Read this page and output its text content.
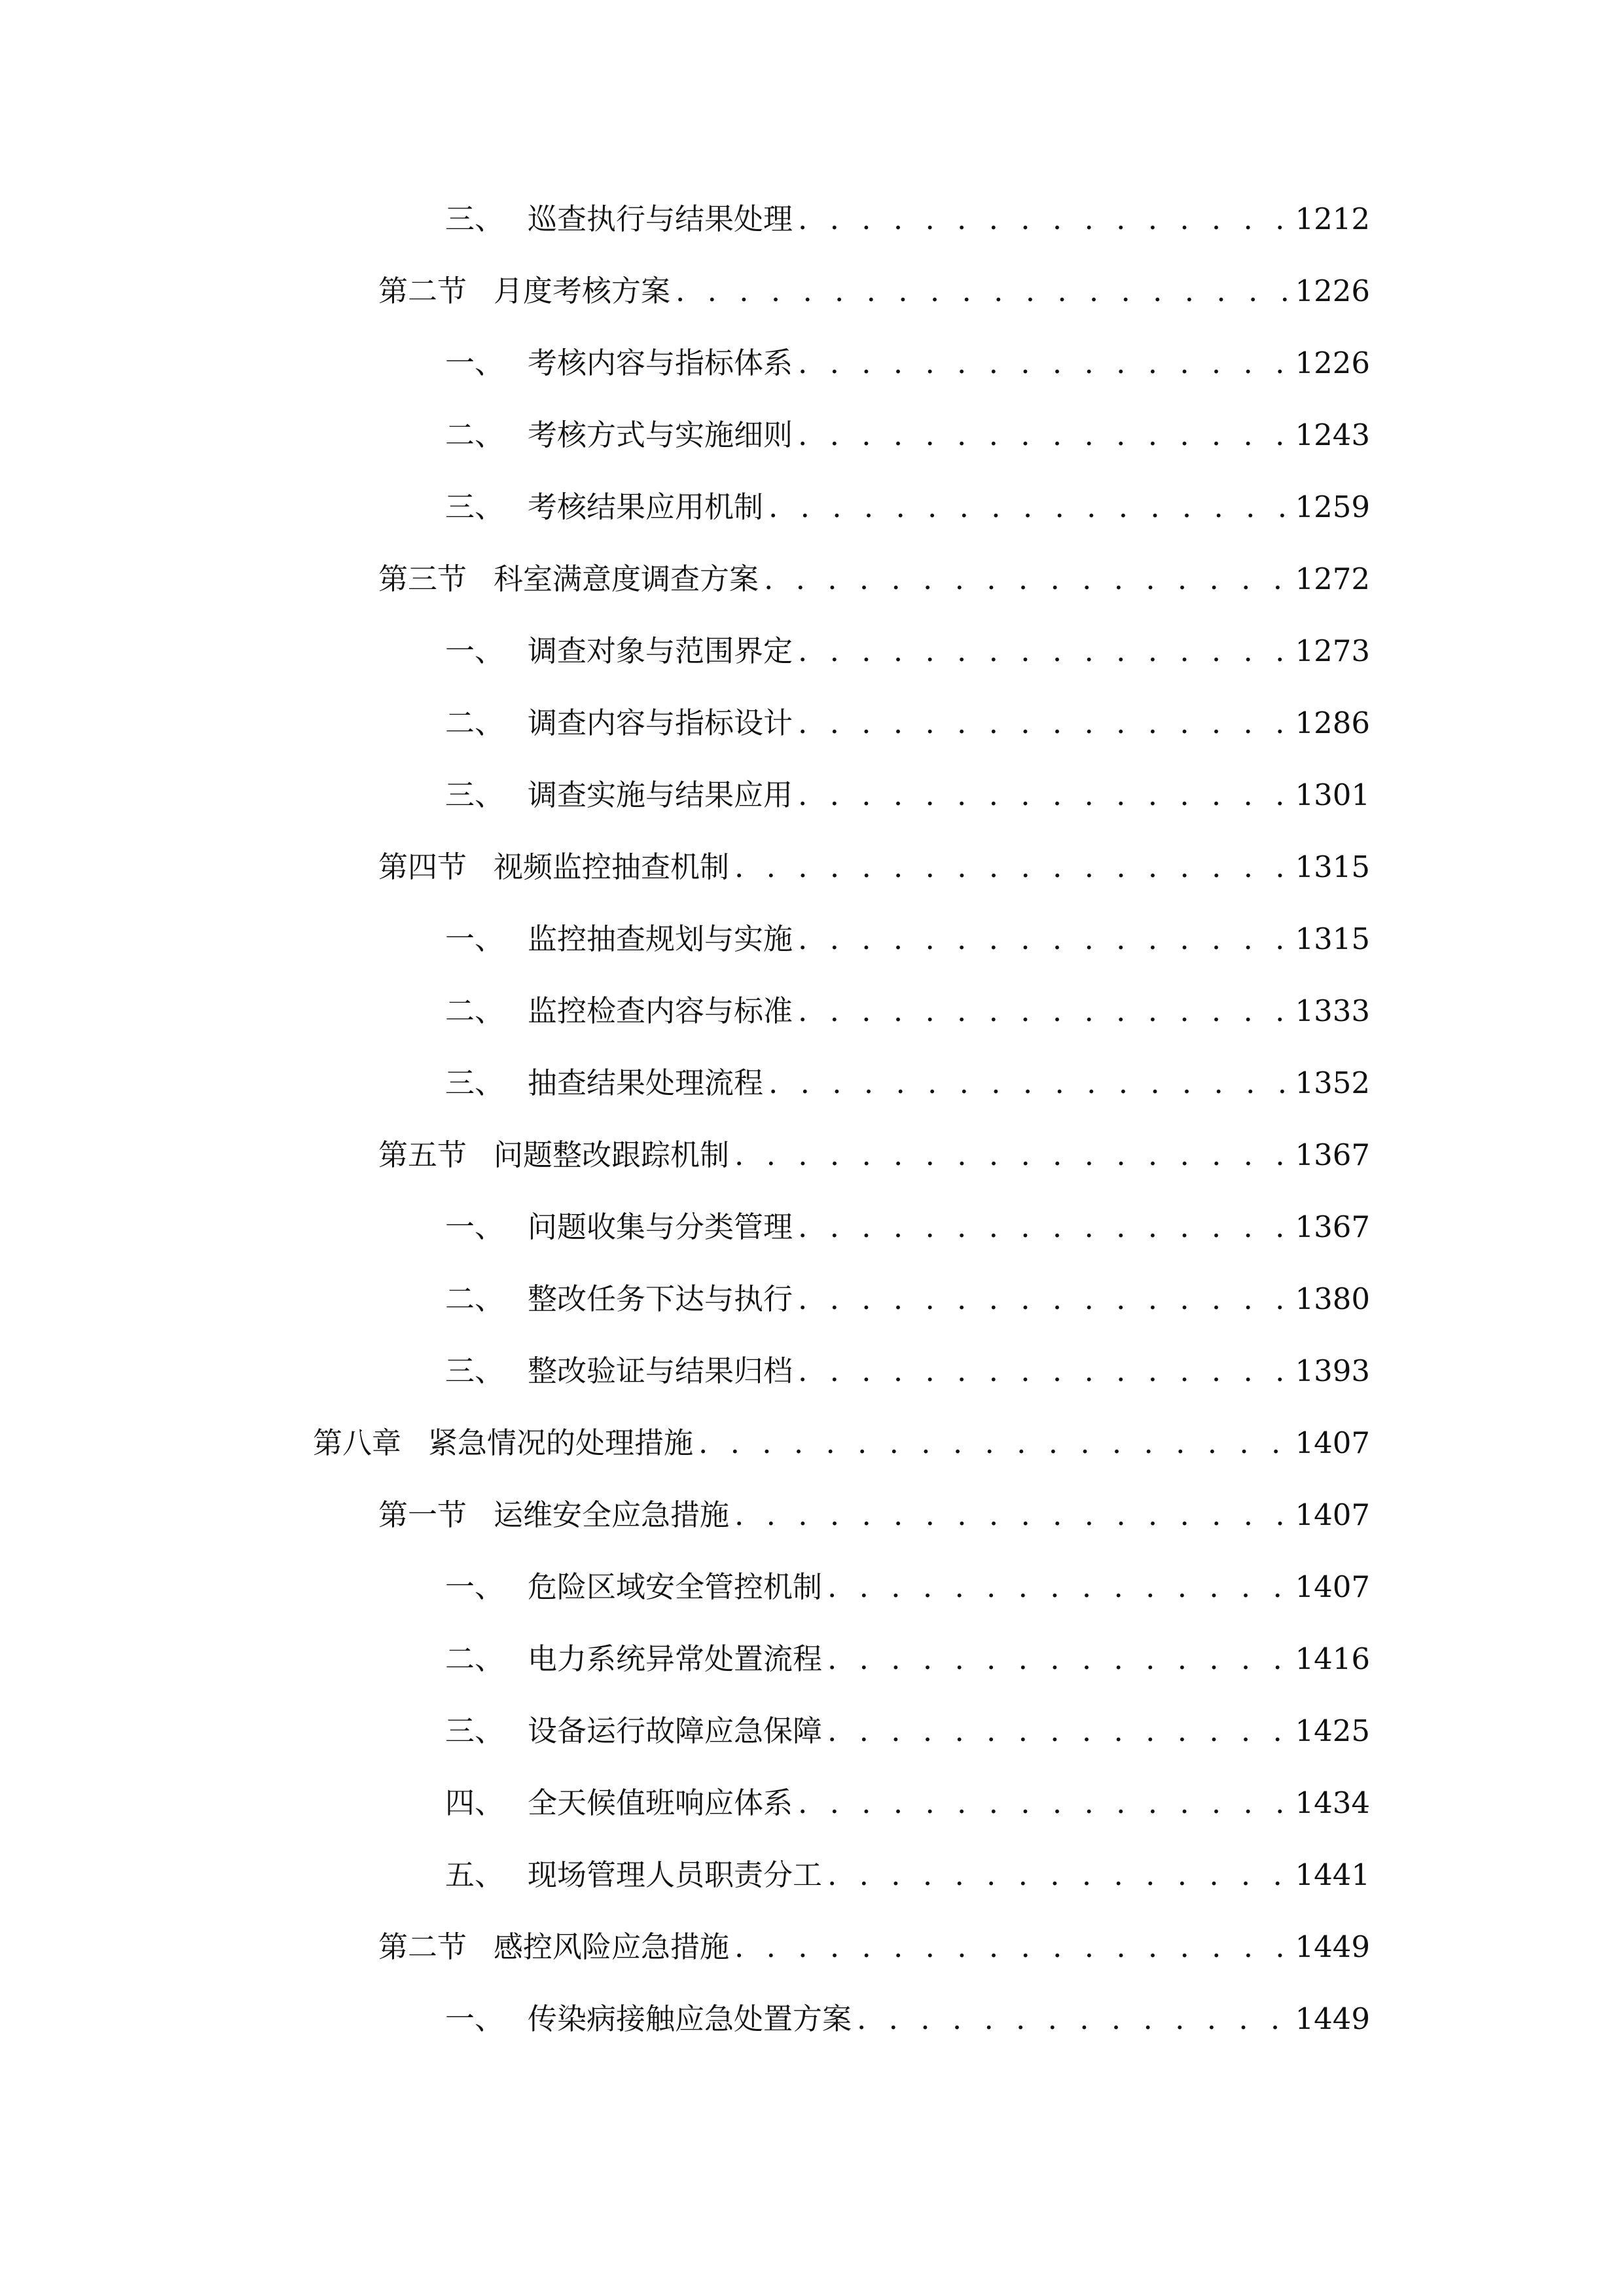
三、 巡查执行与结果处理 . . .	1212
第二节 月度考核方案 . . .	1226
一、 考核内容与指标体系 . . .	1226
二、 考核方式与实施细则 . . .	1243
三、 考核结果应用机制 . . .	1259
第三节 科室满意度调查方案 . . .	1272
一、 调查对象与范围界定 . . .	1273
二、 调查内容与指标设计 . . .	1286
三、 调查实施与结果应用 . . .	1301
第四节 视频监控抽查机制 . . .	1315
一、 监控抽查规划与实施 . . .	1315
二、 监控检查内容与标准 . . .	1333
三、 抽查结果处理流程 . . .	1352
第五节 问题整改跟踪机制 . . .	1367
一、 问题收集与分类管理 . . .	1367
二、 整改任务下达与执行 . . .	1380
三、 整改验证与结果归档 . . .	1393
第八章 紧急情况的处理措施 . . .	1407
第一节 运维安全应急措施 . . .	1407
一、 危险区域安全管控机制 . . .	1407
二、 电力系统异常处置流程 . . .	1416
三、 设备运行故障应急保障 . . .	1425
四、 全天候值班响应体系 . . .	1434
五、 现场管理人员职责分工 . . .	1441
第二节 感控风险应急措施 . . .	1449
一、 传染病接触应急处置方案 . . .	1449
